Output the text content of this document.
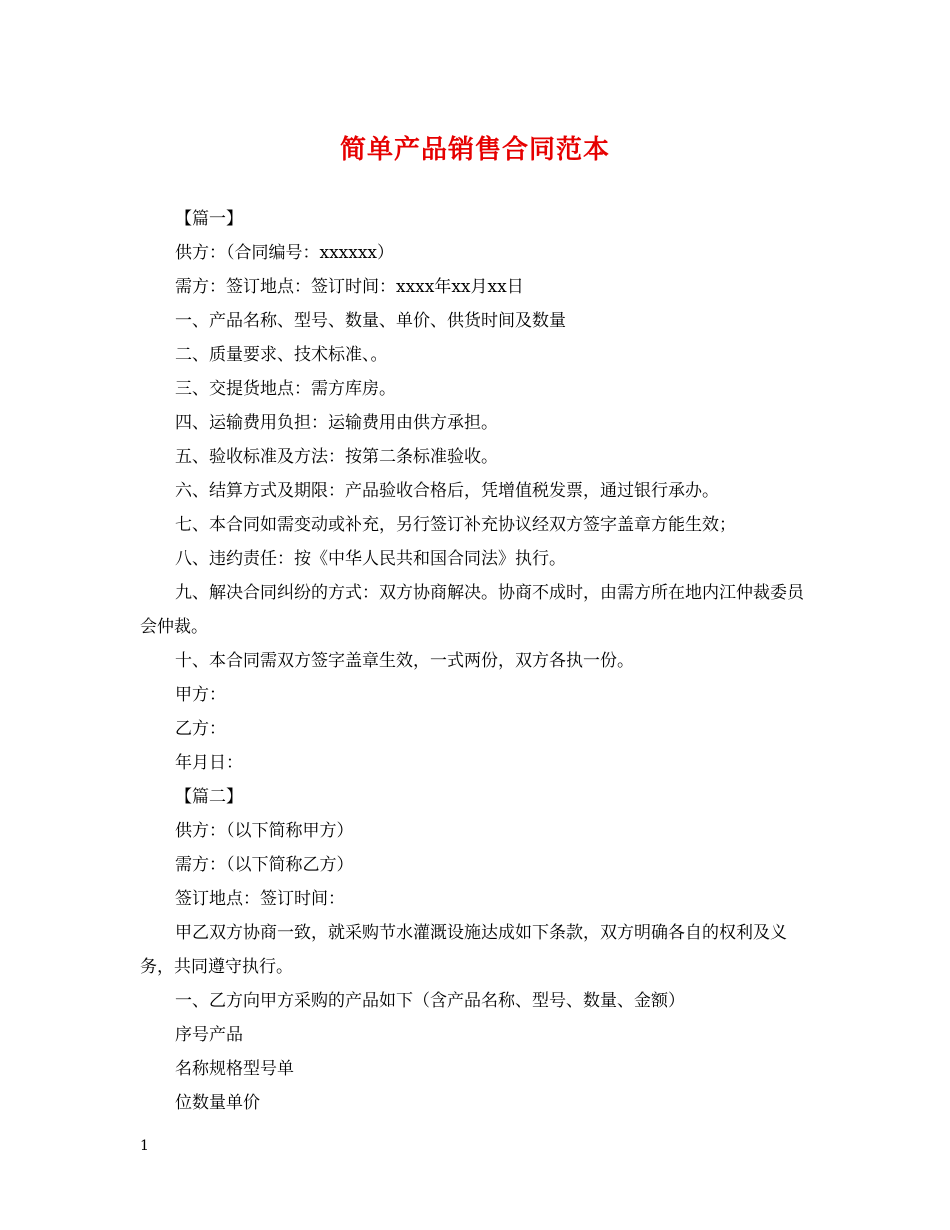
简单产品销售合同范本

【篇一】

供方：（合同编号：xxxxxx）

需方：签订地点：签订时间：xxxx年xx月xx日

一、产品名称、型号、数量、单价、供货时间及数量

二、质量要求、技术标准、。

三、交提货地点：需方库房。

四、运输费用负担：运输费用由供方承担。

五、验收标准及方法：按第二条标准验收。

六、结算方式及期限：产品验收合格后，凭增值税发票，通过银行承办。

七、本合同如需变动或补充，另行签订补充协议经双方签字盖章方能生效；

八、违约责任：按《中华人民共和国合同法》执行。

九、解决合同纠纷的方式：双方协商解决。协商不成时，由需方所在地内江仲裁委员会仲裁。

十、本合同需双方签字盖章生效，一式两份，双方各执一份。

甲方：

乙方：

年月日：

【篇二】

供方：（以下简称甲方）

需方：（以下简称乙方）

签订地点：签订时间：

甲乙双方协商一致，就采购节水灌溉设施达成如下条款，双方明确各自的权利及义务，共同遵守执行。

一、乙方向甲方采购的产品如下（含产品名称、型号、数量、金额）

序号产品

名称规格型号单

位数量单价

1
